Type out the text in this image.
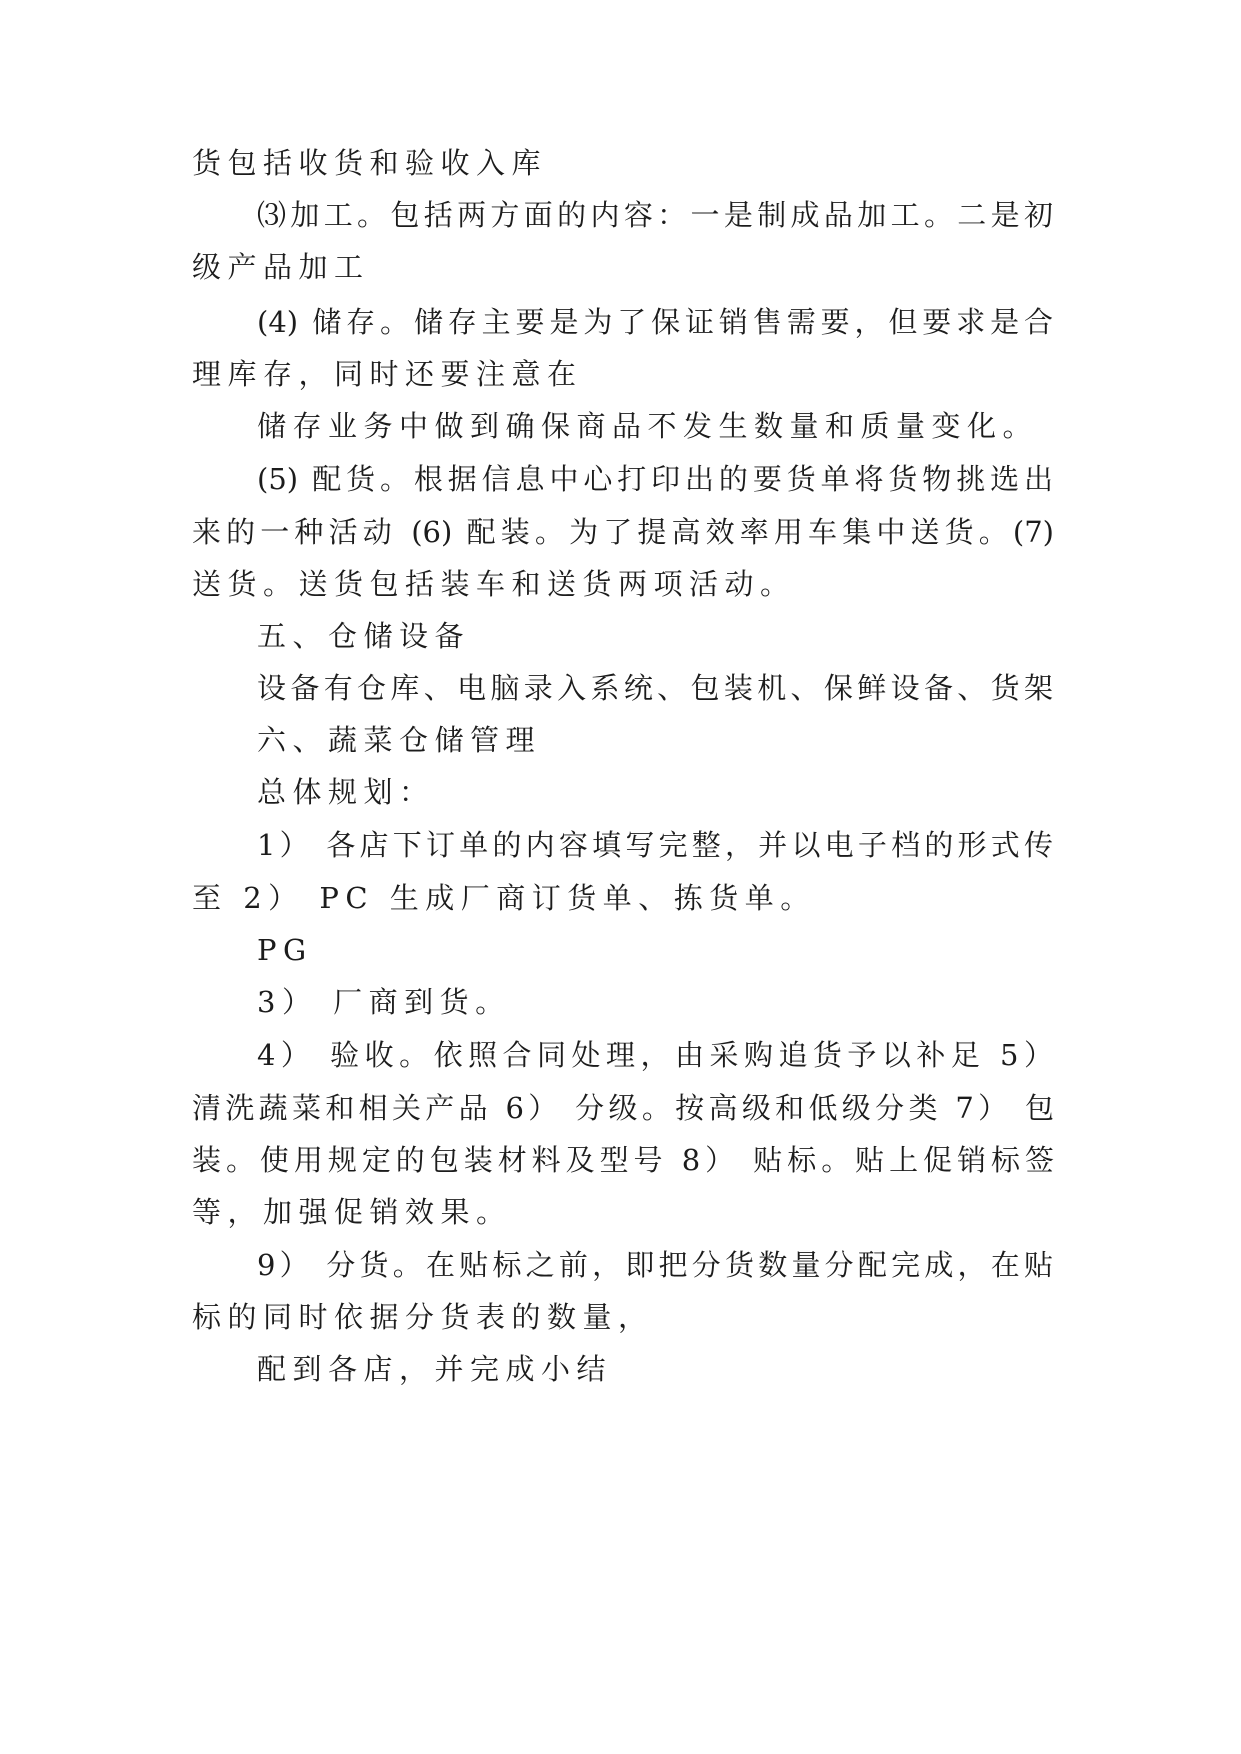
货包括收货和验收入库
⑶加工。包括两方面的内容：一是制成品加工。二是初
级产品加工
(4) 储存。储存主要是为了保证销售需要，但要求是合
理库存，同时还要注意在
储存业务中做到确保商品不发生数量和质量变化。
(5) 配货。根据信息中心打印出的要货单将货物挑选出
来的一种活动 (6) 配装。为了提高效率用车集中送货。(7)
送货。送货包括装车和送货两项活动。
五、仓储设备
设备有仓库、电脑录入系统、包装机、保鲜设备、货架
六、蔬菜仓储管理
总体规划：
1） 各店下订单的内容填写完整，并以电子档的形式传
至 2） PC 生成厂商订货单、拣货单。
PG
3） 厂商到货。
4） 验收。依照合同处理，由采购追货予以补足 5）
清洗蔬菜和相关产品 6） 分级。按高级和低级分类 7） 包
装。使用规定的包装材料及型号 8） 贴标。贴上促销标签
等，加强促销效果。
9） 分货。在贴标之前，即把分货数量分配完成，在贴
标的同时依据分货表的数量，
配到各店，并完成小结
